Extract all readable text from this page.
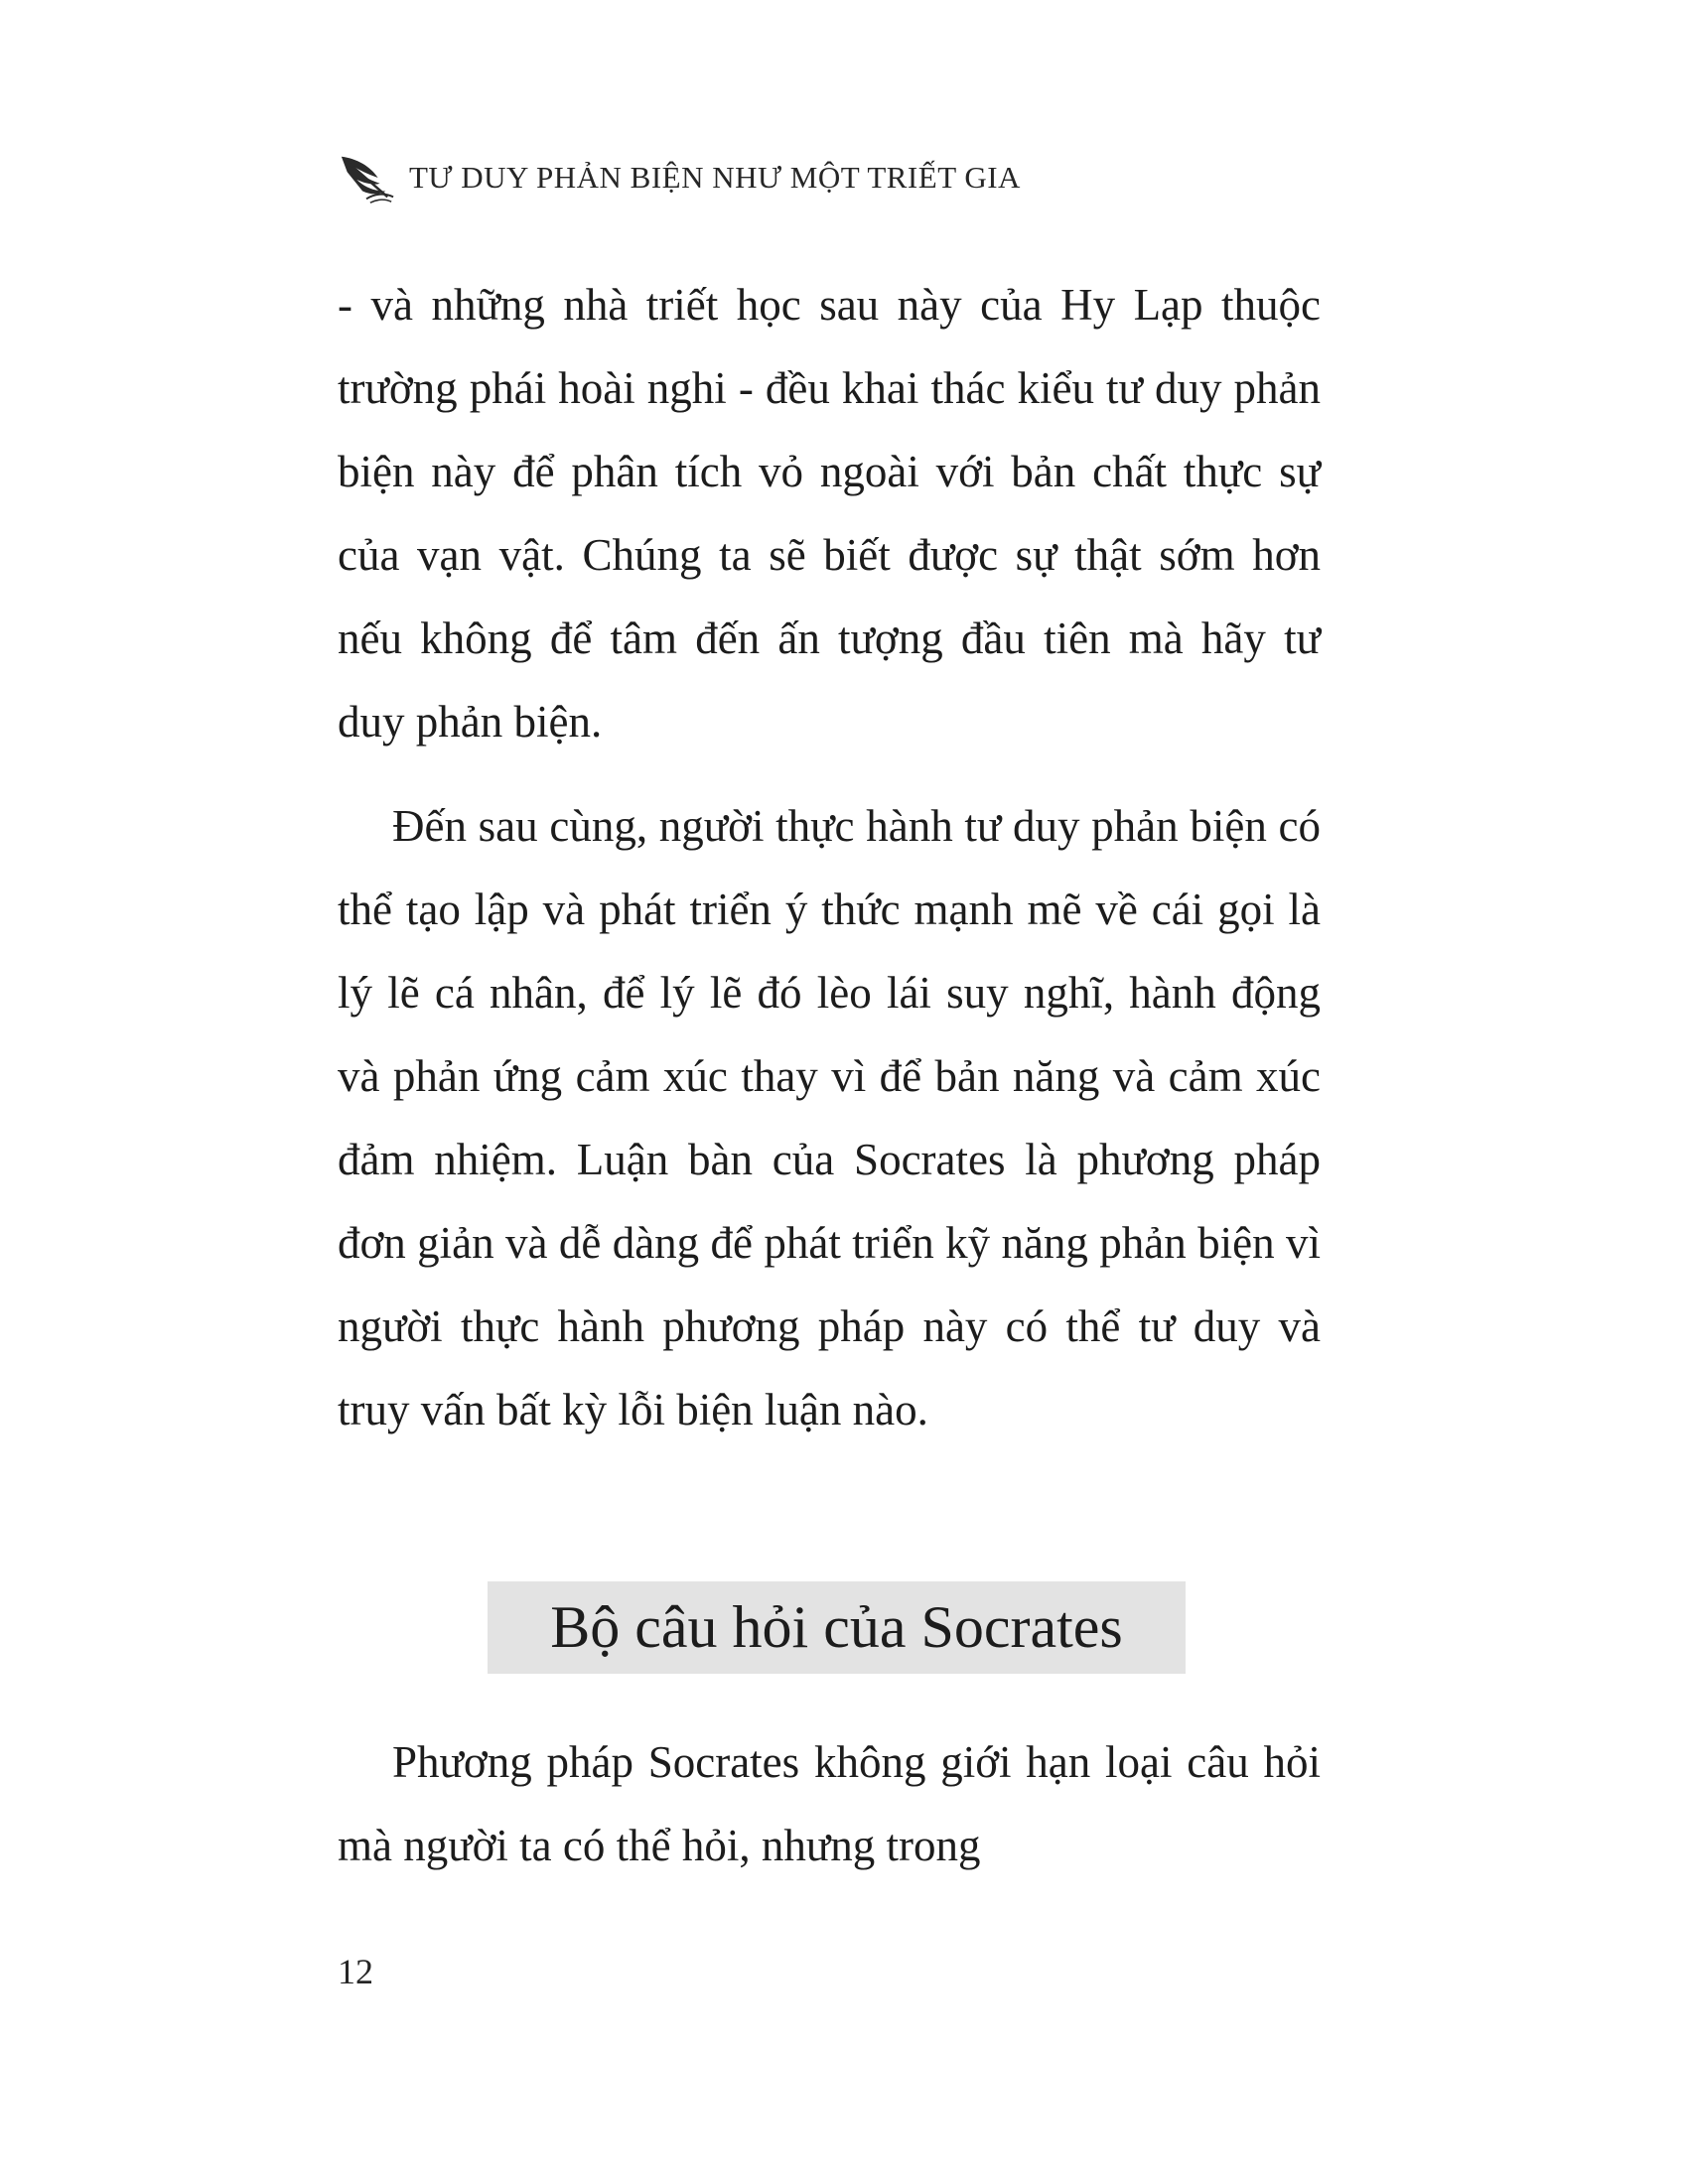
TƯ DUY PHẢN BIỆN NHƯ MỘT TRIẾT GIA
- và những nhà triết học sau này của Hy Lạp thuộc trường phái hoài nghi - đều khai thác kiểu tư duy phản biện này để phân tích vỏ ngoài với bản chất thực sự của vạn vật. Chúng ta sẽ biết được sự thật sớm hơn nếu không để tâm đến ấn tượng đầu tiên mà hãy tư duy phản biện.
Đến sau cùng, người thực hành tư duy phản biện có thể tạo lập và phát triển ý thức mạnh mẽ về cái gọi là lý lẽ cá nhân, để lý lẽ đó lèo lái suy nghĩ, hành động và phản ứng cảm xúc thay vì để bản năng và cảm xúc đảm nhiệm. Luận bàn của Socrates là phương pháp đơn giản và dễ dàng để phát triển kỹ năng phản biện vì người thực hành phương pháp này có thể tư duy và truy vấn bất kỳ lỗi biện luận nào.
Bộ câu hỏi của Socrates
Phương pháp Socrates không giới hạn loại câu hỏi mà người ta có thể hỏi, nhưng trong
12
